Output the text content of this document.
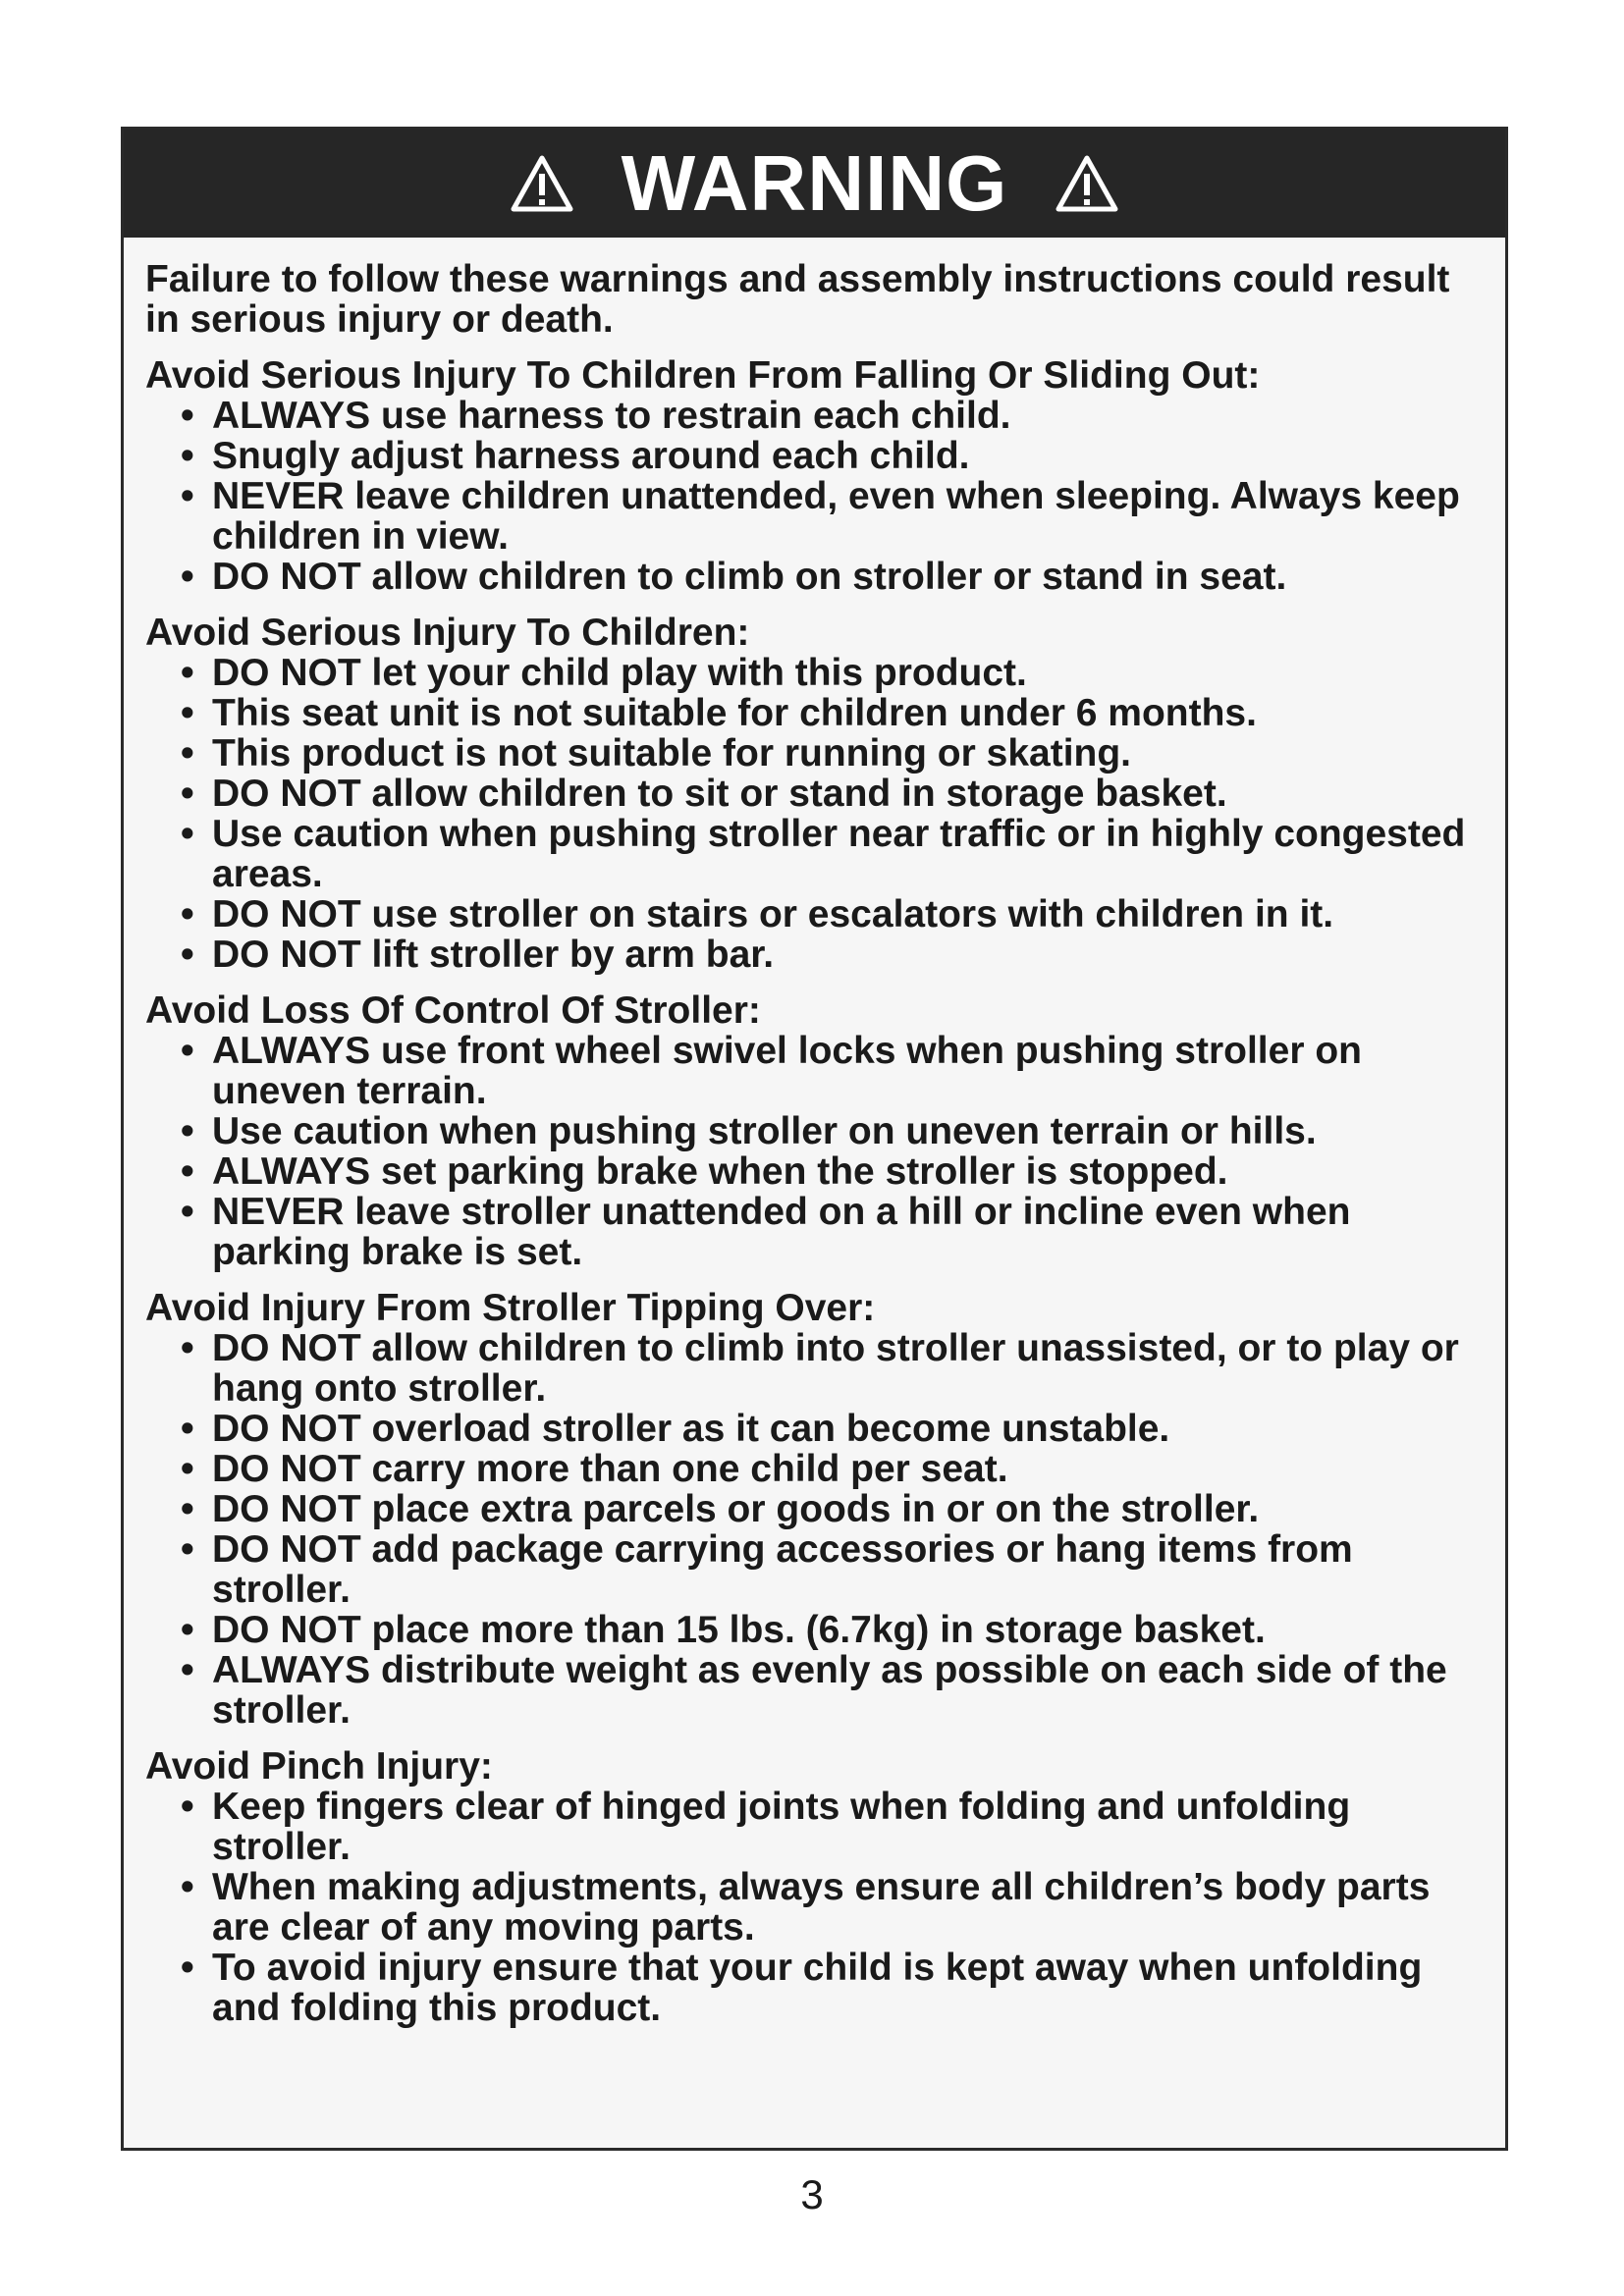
WARNING

Failure to follow these warnings and assembly instructions could result in serious injury or death.

Avoid Serious Injury To Children From Falling Or Sliding Out:

• ALWAYS use harness to restrain each child.
• Snugly adjust harness around each child.
• NEVER leave children unattended, even when sleeping. Always keep children in view.
• DO NOT allow children to climb on stroller or stand in seat.

Avoid Serious Injury To Children:

• DO NOT let your child play with this product.
• This seat unit is not suitable for children under 6 months.
• This product is not suitable for running or skating.
• DO NOT allow children to sit or stand in storage basket.
• Use caution when pushing stroller near traffic or in highly congested areas.
• DO NOT use stroller on stairs or escalators with children in it.
• DO NOT lift stroller by arm bar.

Avoid Loss Of Control Of Stroller:

• ALWAYS use front wheel swivel locks when pushing stroller on uneven terrain.
• Use caution when pushing stroller on uneven terrain or hills.
• ALWAYS set parking brake when the stroller is stopped.
• NEVER leave stroller unattended on a hill or incline even when parking brake is set.

Avoid Injury From Stroller Tipping Over:

• DO NOT allow children to climb into stroller unassisted, or to play or hang onto stroller.
• DO NOT overload stroller as it can become unstable.
• DO NOT carry more than one child per seat.
• DO NOT place extra parcels or goods in or on the stroller.
• DO NOT add package carrying accessories or hang items from stroller.
• DO NOT place more than 15 lbs. (6.7kg) in storage basket.
• ALWAYS distribute weight as evenly as possible on each side of the stroller.

Avoid Pinch Injury:

• Keep fingers clear of hinged joints when folding and unfolding stroller.
• When making adjustments, always ensure all children’s body parts are clear of any moving parts.
• To avoid injury ensure that your child is kept away when unfolding and folding this product.
3
